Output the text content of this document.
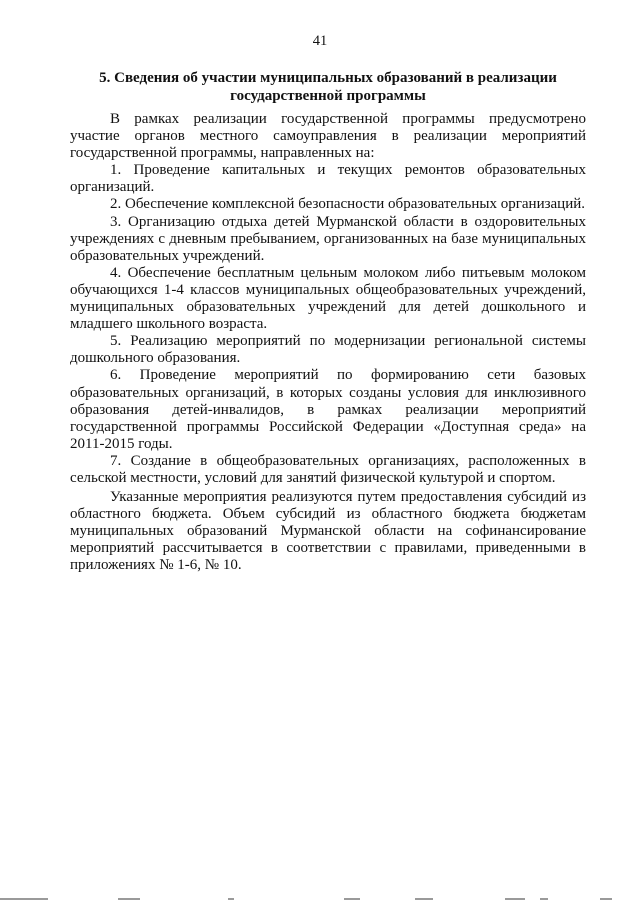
41
5. Сведения об участии муниципальных образований в реализации государственной программы

В рамках реализации государственной программы предусмотрено участие органов местного самоуправления в реализации мероприятий государственной программы, направленных на:

1. Проведение капитальных и текущих ремонтов образовательных организаций.

2. Обеспечение комплексной безопасности образовательных организаций.

3. Организацию отдыха детей Мурманской области в оздоровительных учреждениях с дневным пребыванием, организованных на базе муниципальных образовательных учреждений.

4. Обеспечение бесплатным цельным молоком либо питьевым молоком обучающихся 1-4 классов муниципальных общеобразовательных учреждений, муниципальных образовательных учреждений для детей дошкольного и младшего школьного возраста.

5. Реализацию мероприятий по модернизации региональной системы дошкольного образования.

6. Проведение мероприятий по формированию сети базовых образовательных организаций, в которых созданы условия для инклюзивного образования детей-инвалидов, в рамках реализации мероприятий государственной программы Российской Федерации «Доступная среда» на 2011-2015 годы.

7. Создание в общеобразовательных организациях, расположенных в сельской местности, условий для занятий физической культурой и спортом.

Указанные мероприятия реализуются путем предоставления субсидий из областного бюджета. Объем субсидий из областного бюджета бюджетам муниципальных образований Мурманской области на софинансирование мероприятий рассчитывается в соответствии с правилами, приведенными в приложениях № 1-6, № 10.
